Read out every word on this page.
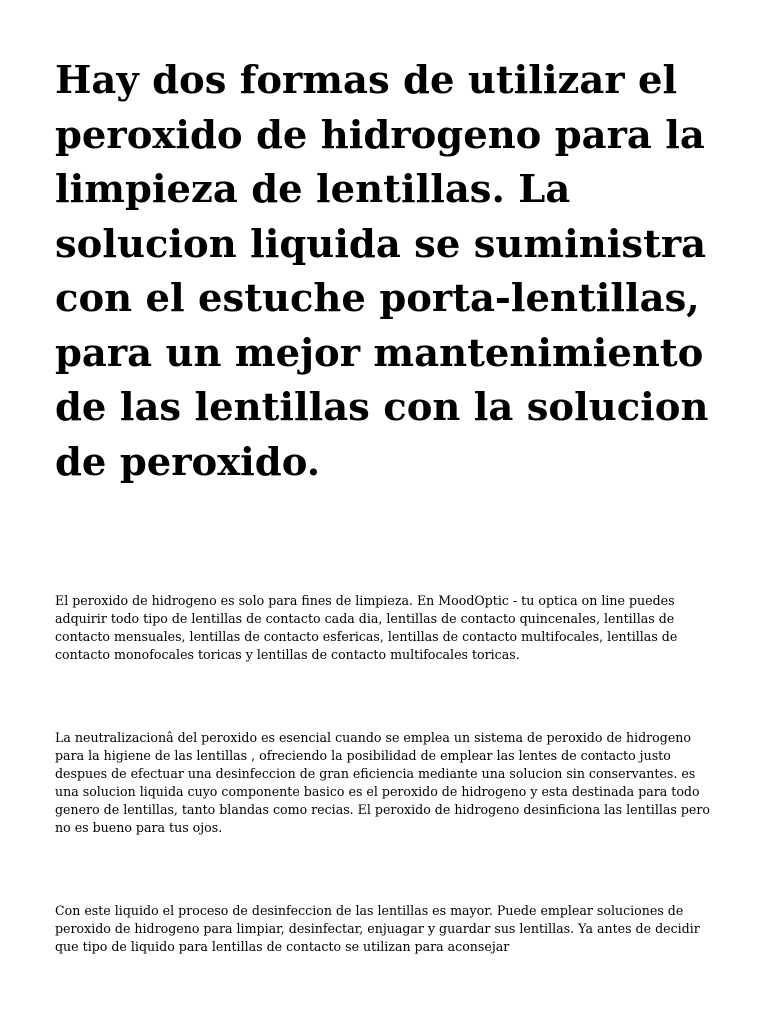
Hay dos formas de utilizar el peroxido de hidrogeno para la limpieza de lentillas. La solucion liquida se suministra con el estuche porta-lentillas, para un mejor mantenimiento de las lentillas con la solucion de peroxido.

El peroxido de hidrogeno es solo para fines de limpieza. En MoodOptic - tu optica on line puedes adquirir todo tipo de lentillas de contacto cada dia, lentillas de contacto quincenales, lentillas de contacto mensuales, lentillas de contacto esfericas, lentillas de contacto multifocales, lentillas de contacto monofocales toricas y lentillas de contacto multifocales toricas.

La neutralizacionâ del peroxido es esencial cuando se emplea un sistema de peroxido de hidrogeno para la higiene de las lentillas , ofreciendo la posibilidad de emplear las lentes de contacto justo despues de efectuar una desinfeccion de gran eficiencia mediante una solucion sin conservantes. es una solucion liquida cuyo componente basico es el peroxido de hidrogeno y esta destinada para todo genero de lentillas, tanto blandas como recias. El peroxido de hidrogeno desinficiona las lentillas pero no es bueno para tus ojos.

Con este liquido el proceso de desinfeccion de las lentillas es mayor. Puede emplear soluciones de peroxido de hidrogeno para limpiar, desinfectar, enjuagar y guardar sus lentillas. Ya antes de decidir que tipo de liquido para lentillas de contacto se utilizan para aconsejar
